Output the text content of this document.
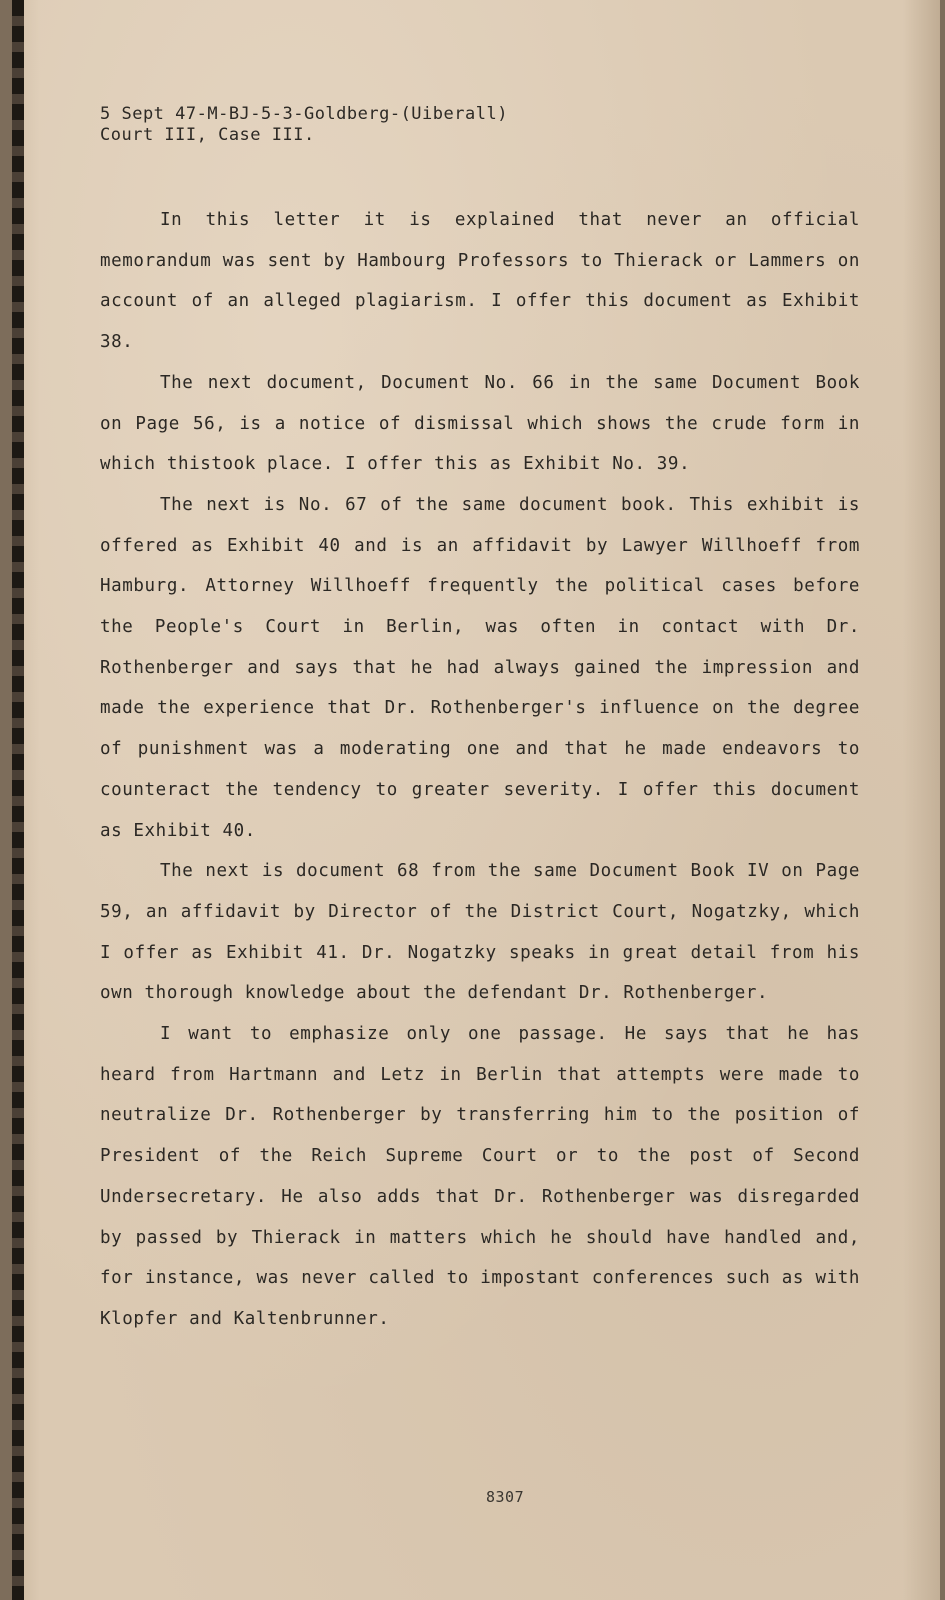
5 Sept 47-M-BJ-5-3-Goldberg-(Uiberall)
Court III, Case III.

In this letter it is explained that never an official memorandum was sent by Hambourg Professors to Thierack or Lammers on account of an alleged plagiarism. I offer this document as Exhibit 38.

The next document, Document No. 66 in the same Document Book on Page 56, is a notice of dismissal which shows the crude form in which thistook place. I offer this as Exhibit No. 39.

The next is No. 67 of the same document book. This exhibit is offered as Exhibit 40 and is an affidavit by Lawyer Willhoeff from Hamburg. Attorney Willhoeff frequently the political cases before the People's Court in Berlin, was often in contact with Dr. Rothenberger and says that he had always gained the impression and made the experience that Dr. Rothenberger's influence on the degree of punishment was a moderating one and that he made endeavors to counteract the tendency to greater severity. I offer this document as Exhibit 40.

The next is document 68 from the same Document Book IV on Page 59, an affidavit by Director of the District Court, Nogatzky, which I offer as Exhibit 41. Dr. Nogatzky speaks in great detail from his own thorough knowledge about the defendant Dr. Rothenberger.

I want to emphasize only one passage. He says that he has heard from Hartmann and Letz in Berlin that attempts were made to neutralize Dr. Rothenberger by transferring him to the position of President of the Reich Supreme Court or to the post of Second Undersecretary. He also adds that Dr. Rothenberger was disregarded by passed by Thierack in matters which he should have handled and, for instance, was never called to impostant conferences such as with Klopfer and Kaltenbrunner.

8307
